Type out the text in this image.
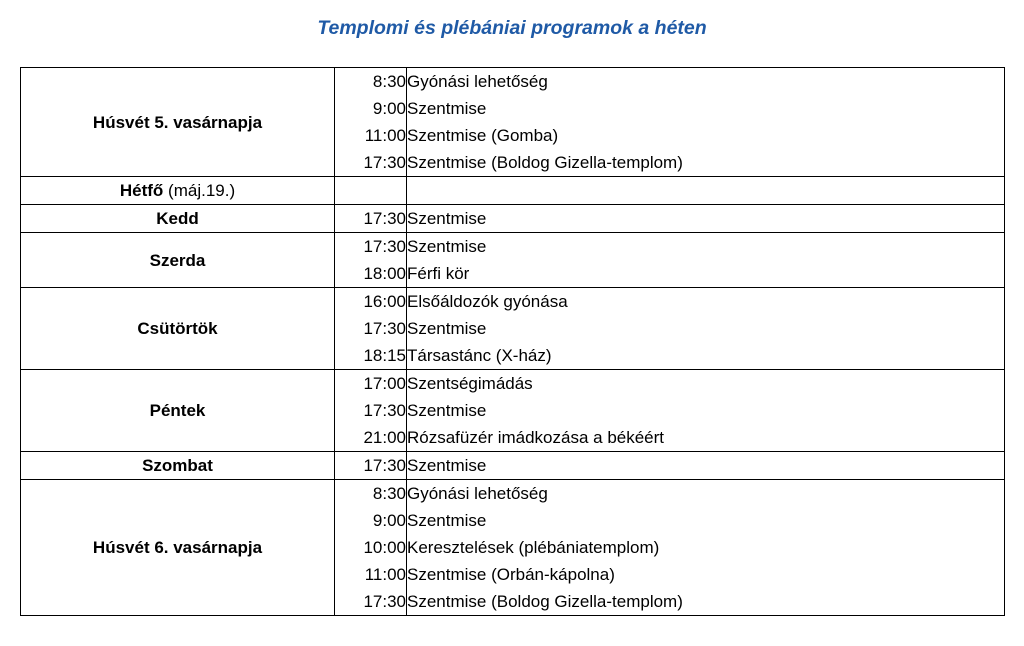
Templomi és plébániai programok a héten
Húsvét 5. vasárnapja	8:30	Gyónási lehetőség
	9:00	Szentmise
	11:00	Szentmise (Gomba)
	17:30	Szentmise (Boldog Gizella-templom)
Hétfő (máj.19.)		
Kedd	17:30	Szentmise
Szerda	17:30	Szentmise
	18:00	Férfi kör
Csütörtök	16:00	Elsőáldozók gyónása
	17:30	Szentmise
	18:15	Társastánc (X-ház)
Péntek	17:00	Szentségimádás
	17:30	Szentmise
	21:00	Rózsafüzér imádkozása a békéért
Szombat	17:30	Szentmise
Húsvét 6. vasárnapja	8:30	Gyónási lehetőség
	9:00	Szentmise
	10:00	Keresztelések (plébániatemplom)
	11:00	Szentmise (Orbán-kápolna)
	17:30	Szentmise (Boldog Gizella-templom)
